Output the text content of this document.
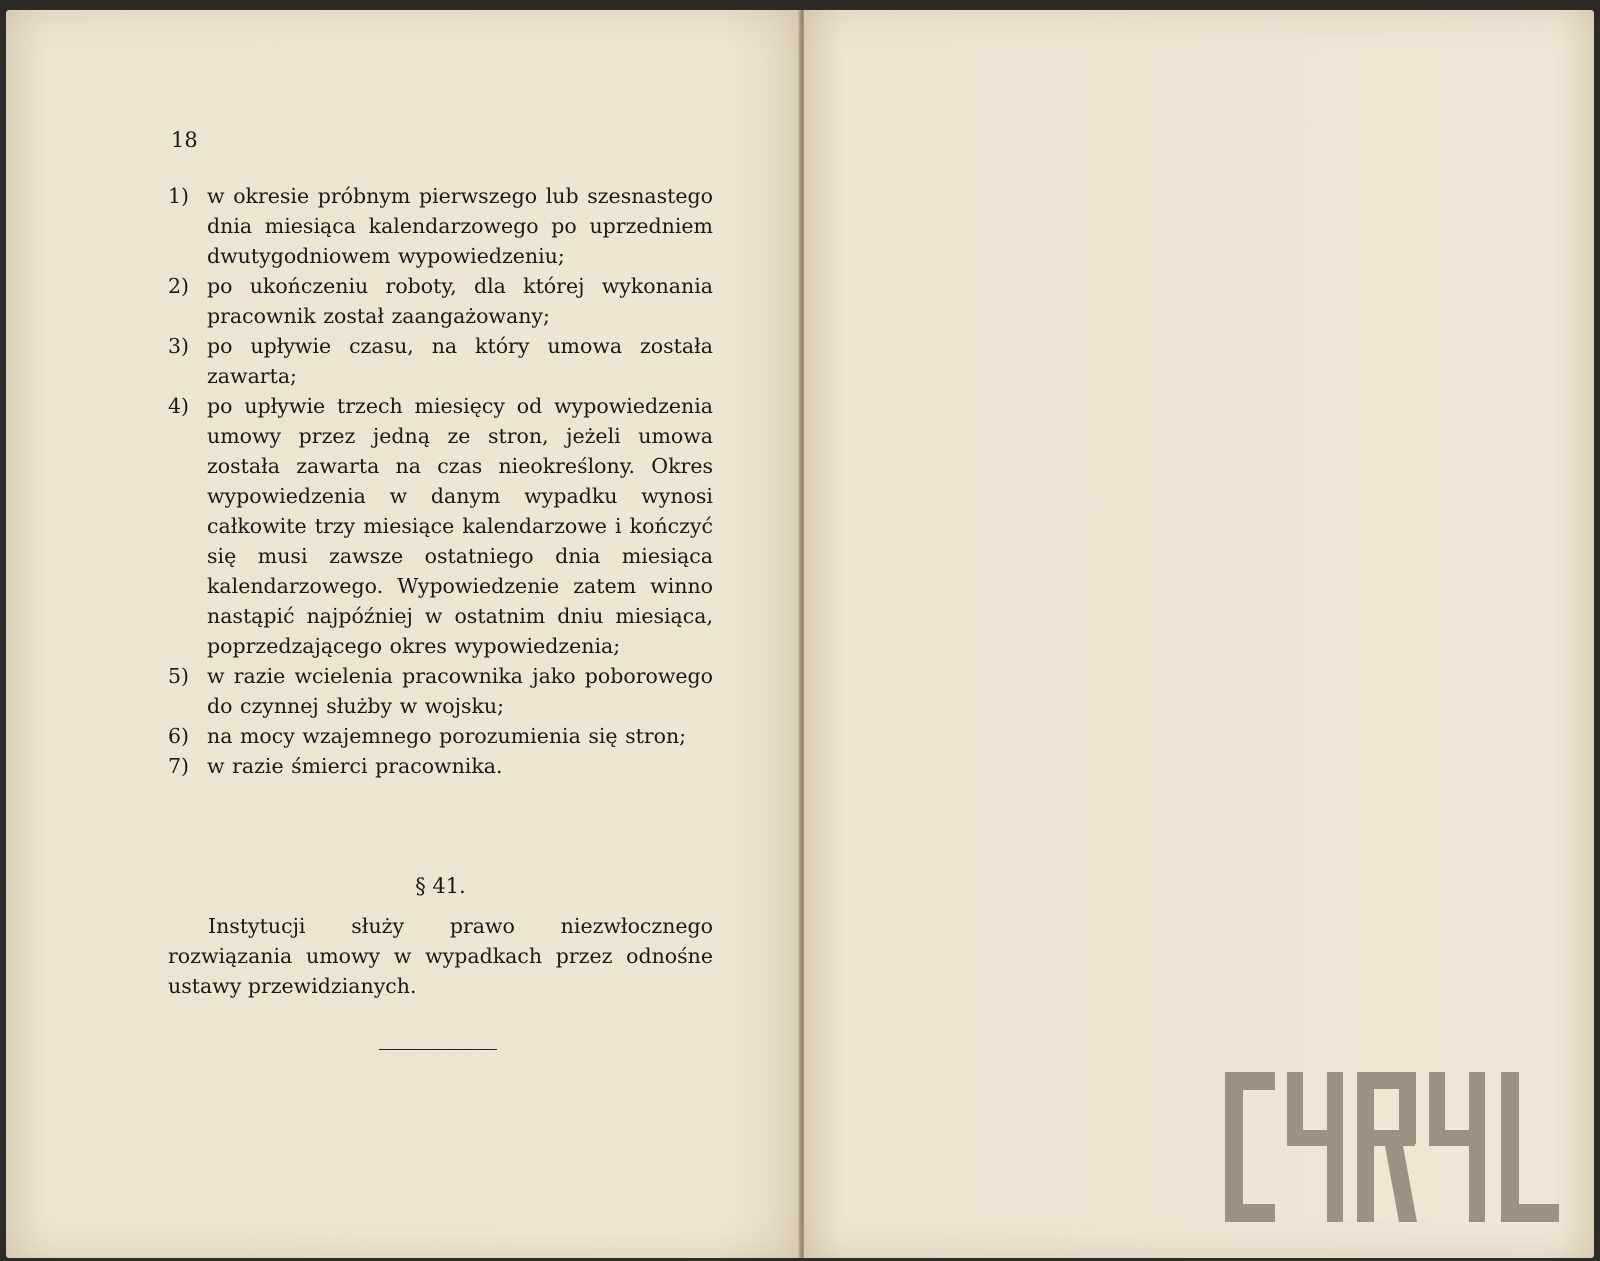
18
1) w okresie próbnym pierwszego lub szesnastego dnia miesiąca kalendarzowego po uprzedniem dwutygodniowem wypowiedzeniu;
2) po ukończeniu roboty, dla której wykonania pracownik został zaangażowany;
3) po upływie czasu, na który umowa została zawarta;
4) po upływie trzech miesięcy od wypowiedzenia umowy przez jedną ze stron, jeżeli umowa została zawarta na czas nieokreślony. Okres wypowiedzenia w danym wypadku wynosi całkowite trzy miesiące kalendarzowe i kończyć się musi zawsze ostatniego dnia miesiąca kalendarzowego. Wypowiedzenie zatem winno nastąpić najpóźniej w ostatnim dniu miesiąca, poprzedzającego okres wypowiedzenia;
5) w razie wcielenia pracownika jako poborowego do czynnej służby w wojsku;
6) na mocy wzajemnego porozumienia się stron;
7) w razie śmierci pracownika.
§ 41.

Instytucji służy prawo niezwłocznego rozwiązania umowy w wypadkach przez odnośne ustawy przewidzianych.
